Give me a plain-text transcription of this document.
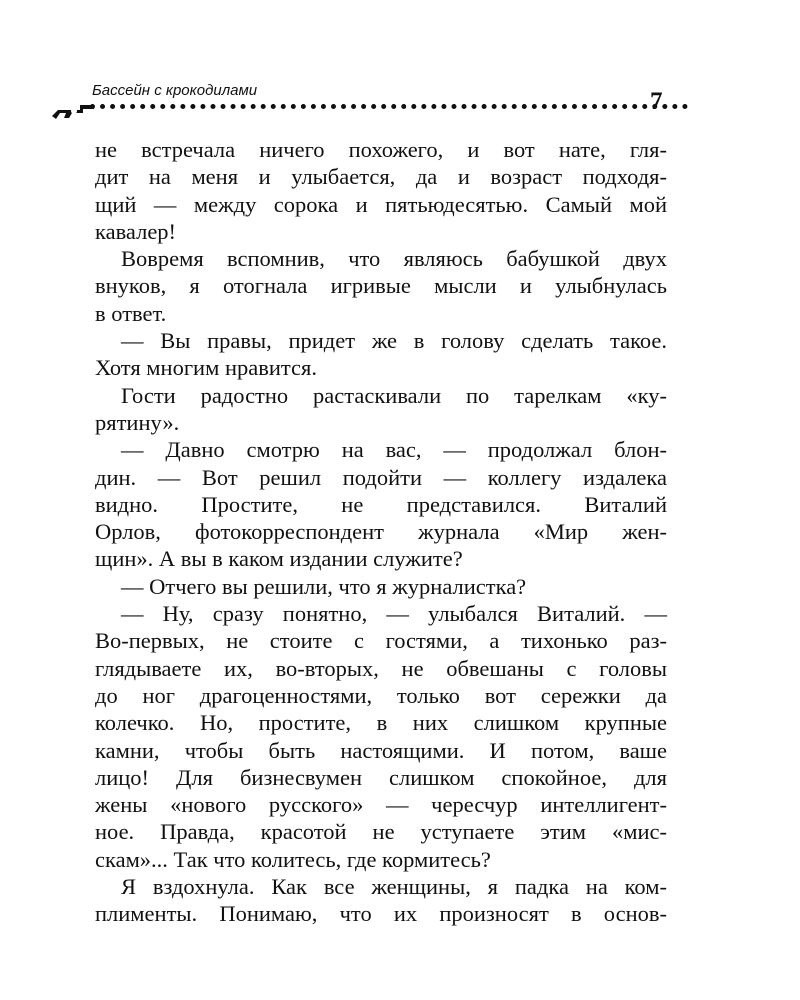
Бассейн с крокодилами	7
не встречала ничего похожего, и вот нате, гля-
дит на меня и улыбается, да и возраст подходя-
щий — между сорока и пятьюдесятью. Самый мой
кавалер!
Вовремя вспомнив, что являюсь бабушкой двух
внуков, я отогнала игривые мысли и улыбнулась
в ответ.
— Вы правы, придет же в голову сделать такое.
Хотя многим нравится.
Гости радостно растаскивали по тарелкам «ку-
рятину».
— Давно смотрю на вас, — продолжал блон-
дин. — Вот решил подойти — коллегу издалека
видно. Простите, не представился. Виталий
Орлов, фотокорреспондент журнала «Мир жен-
щин». А вы в каком издании служите?
— Отчего вы решили, что я журналистка?
— Ну, сразу понятно, — улыбался Виталий. —
Во-первых, не стоите с гостями, а тихонько раз-
глядываете их, во-вторых, не обвешаны с головы
до ног драгоценностями, только вот сережки да
колечко. Но, простите, в них слишком крупные
камни, чтобы быть настоящими. И потом, ваше
лицо! Для бизнесвумен слишком спокойное, для
жены «нового русского» — чересчур интеллигент-
ное. Правда, красотой не уступаете этим «мис-
скам»... Так что колитесь, где кормитесь?
Я вздохнула. Как все женщины, я падка на ком-
плименты. Понимаю, что их произносят в основ-
